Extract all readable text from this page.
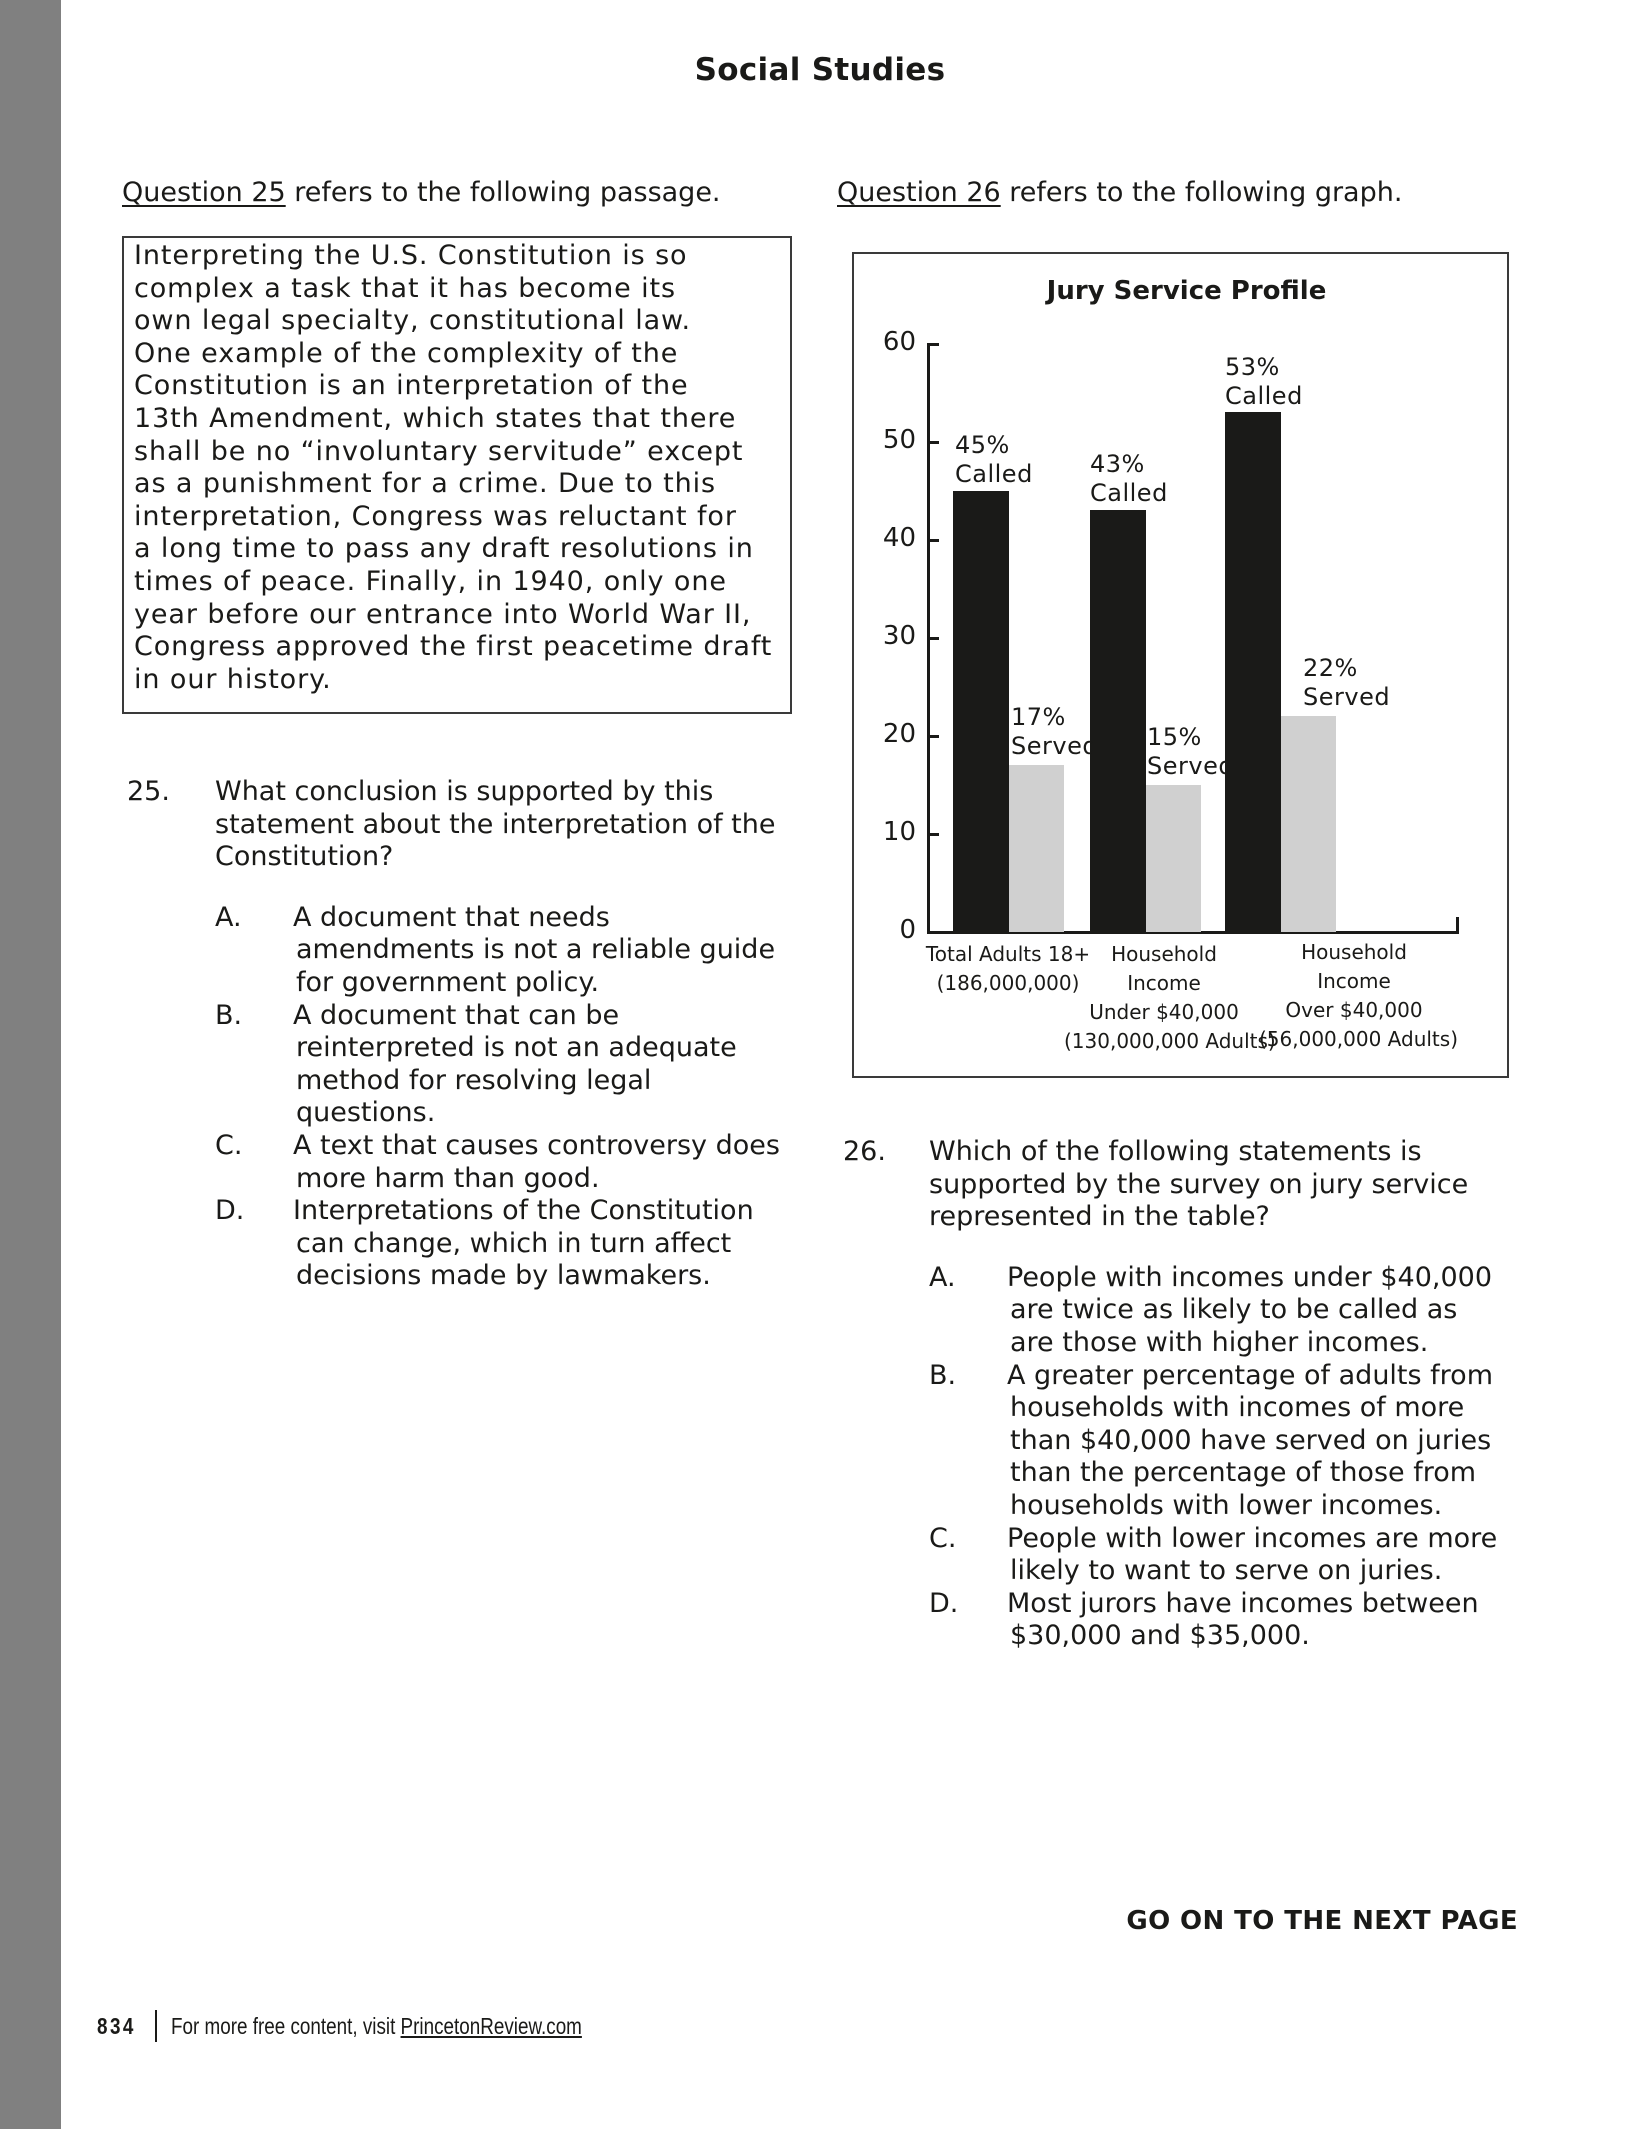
Social Studies
Question 25 refers to the following passage.
Interpreting the U.S. Constitution is so
complex a task that it has become its
own legal specialty, constitutional law.
One example of the complexity of the
Constitution is an interpretation of the
13th Amendment, which states that there
shall be no “involuntary servitude” except
as a punishment for a crime. Due to this
interpretation, Congress was reluctant for
a long time to pass any draft resolutions in
times of peace. Finally, in 1940, only one
year before our entrance into World War II,
Congress approved the first peacetime draft
in our history.
25.	What conclusion is supported by this
statement about the interpretation of the
Constitution?
A.	A document that needs
amendments is not a reliable guide
for government policy.
B.	A document that can be
reinterpreted is not an adequate
method for resolving legal
questions.
C.	A text that causes controversy does
more harm than good.
D.	Interpretations of the Constitution
can change, which in turn affect
decisions made by lawmakers.
Question 26 refers to the following graph.
Jury Service Profile
60
50
40
30
20
10
0
45%
Called
17%
Served
43%
Called
15%
Served
53%
Called
22%
Served
Total Adults 18+
(186,000,000)
Household
Income
Under $40,000
(130,000,000 Adults)
Household
Income
Over $40,000
(56,000,000 Adults)
26.	Which of the following statements is
supported by the survey on jury service
represented in the table?
A.	People with incomes under $40,000
are twice as likely to be called as
are those with higher incomes.
B.	A greater percentage of adults from
households with incomes of more
than $40,000 have served on juries
than the percentage of those from
households with lower incomes.
C.	People with lower incomes are more
likely to want to serve on juries.
D.	Most jurors have incomes between
$30,000 and $35,000.
GO ON TO THE NEXT PAGE
834	For more free content, visit PrincetonReview.com
